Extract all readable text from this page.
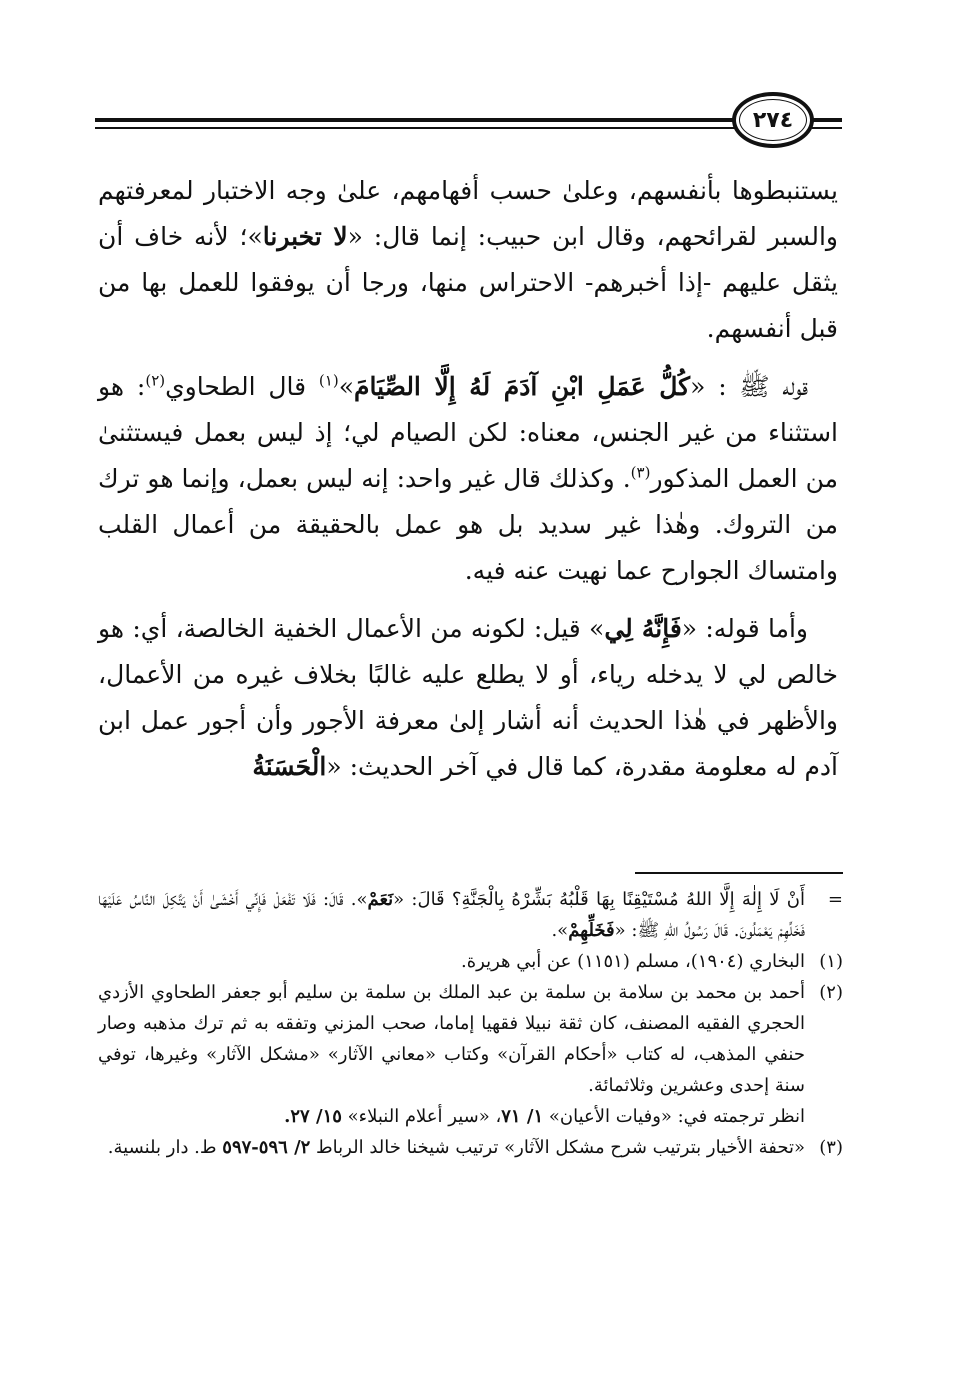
٢٧٤

يستنبطوها بأنفسهم، وعلىٰ حسب أفهامهم، علىٰ وجه الاختبار لمعرفتهم والسبر لقرائحهم، وقال ابن حبيب: إنما قال: «لا تخبرنا»؛ لأنه خاف أن يثقل عليهم -إذا أخبرهم- الاحتراس منها، ورجا أن يوفقوا للعمل بها من قبل أنفسهم.

قوله ﷺ : «كُلُّ عَمَلِ ابْنِ آدَمَ لَهُ إِلَّا الصِّيَامَ»$^{(١)}$ قال الطحاوي$^{(٢)}$: هو استثناء من غير الجنس، معناه: لكن الصيام لي؛ إذ ليس بعمل فيستثنىٰ من العمل المذكور$^{(٣)}$. وكذلك قال غير واحد: إنه ليس بعمل، وإنما هو ترك من التروك. وهٰذا غير سديد بل هو عمل بالحقيقة من أعمال القلب وامتساك الجوارح عما نهيت عنه فيه.

وأما قوله: «فَإِنَّهُ لِي» قيل: لكونه من الأعمال الخفية الخالصة، أي: هو خالص لي لا يدخله رياء، أو لا يطلع عليه غالبًا بخلاف غيره من الأعمال، والأظهر في هٰذا الحديث أنه أشار إلىٰ معرفة الأجور وأن أجور عمل ابن آدم له معلومة مقدرة، كما قال في آخر الحديث: «الْحَسَنَةُ

=
أَنْ لَا إِلٰهَ إِلَّا اللهُ مُسْتَيْقِنًا بِهَا قَلْبُهُ بَشِّرْهُ بِالْجَنَّةِ؟ قَالَ: «نَعَمْ». قَالَ: فَلَا تَفْعَلْ فَإِنِّي أَخْشَىٰ أَنْ يَتَّكِلَ النَّاسُ عَلَيْهَا فَخَلِّهِمْ يَعْمَلُونَ. قَالَ رَسُولُ اللهِ ﷺ: «فَخَلِّهِمْ».
(١)
البخاري (١٩٠٤)، مسلم (١١٥١) عن أبي هريرة.
(٢)
أحمد بن محمد بن سلامة بن سلمة بن عبد الملك بن سلمة بن سليم أبو جعفر الطحاوي الأزدي الحجري الفقيه المصنف، كان ثقة نبيلا فقهيا إماما، صحب المزني وتفقه به ثم ترك مذهبه وصار حنفي المذهب، له كتاب «أحكام القرآن» وكتاب «معاني الآثار» «مشكل الآثار» وغيرها، توفي سنة إحدى وعشرين وثلاثمائة.
انظر ترجمته في: «وفيات الأعيان» ١/ ٧١، «سير أعلام النبلاء» ١٥/ ٢٧.
(٣)
«تحفة الأخيار بترتيب شرح مشكل الآثار» ترتيب شيخنا خالد الرباط ٢/ ٥٩٦-٥٩٧ ط. دار بلنسية.
